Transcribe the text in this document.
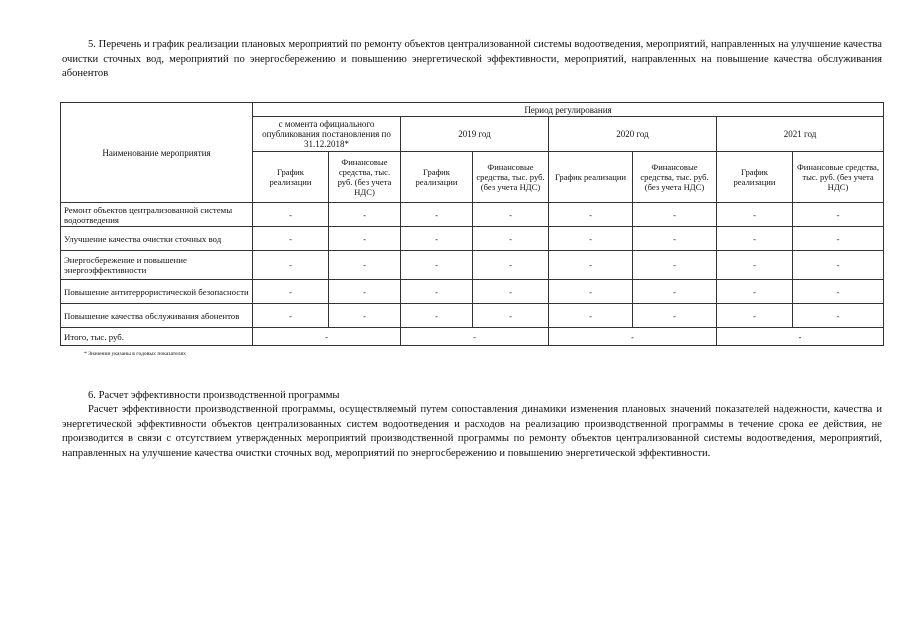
5. Перечень и график реализации плановых мероприятий по ремонту объектов централизованной системы водоотведения, мероприятий, направленных на улучшение качества очистки сточных вод, мероприятий по энергосбережению и повышению энергетической эффективности, мероприятий, направленных на повышение качества обслуживания абонентов
Наименование мероприятия	Период регулирования							
	с момента официального опубликования постановления по 31.12.2018*		2019 год		2020 год		2021 год	
	График реализации	Финансовые средства, тыс. руб. (без учета НДС)	График реализации	Финансовые средства, тыс. руб. (без учета НДС)	График реализации	Финансовые средства, тыс. руб. (без учета НДС)	График реализации	Финансовые средства, тыс. руб. (без учета НДС)
Ремонт объектов централизованной системы водоотведения	-	-	-	-	-	-	-	-
Улучшение качества очистки сточных вод	-	-	-	-	-	-	-	-
Энергосбережение и повышение энергоэффективности	-	-	-	-	-	-	-	-
Повышение антитеррористической безопасности	-	-	-	-	-	-	-	-
Повышение качества обслуживания абонентов	-	-	-	-	-	-	-	-
Итого, тыс. руб.	-		-		-		-	
* Значения указаны в годовых показателях
6. Расчет эффективности производственной программы
Расчет эффективности производственной программы, осуществляемый путем сопоставления динамики изменения плановых значений показателей надежности, качества и энергетической эффективности объектов централизованных систем водоотведения и расходов на реализацию производственной программы в течение срока ее действия, не производится в связи с отсутствием утвержденных мероприятий производственной программы по ремонту объектов централизованной системы водоотведения, мероприятий, направленных на улучшение качества очистки сточных вод, мероприятий по энергосбережению и повышению энергетической эффективности.
